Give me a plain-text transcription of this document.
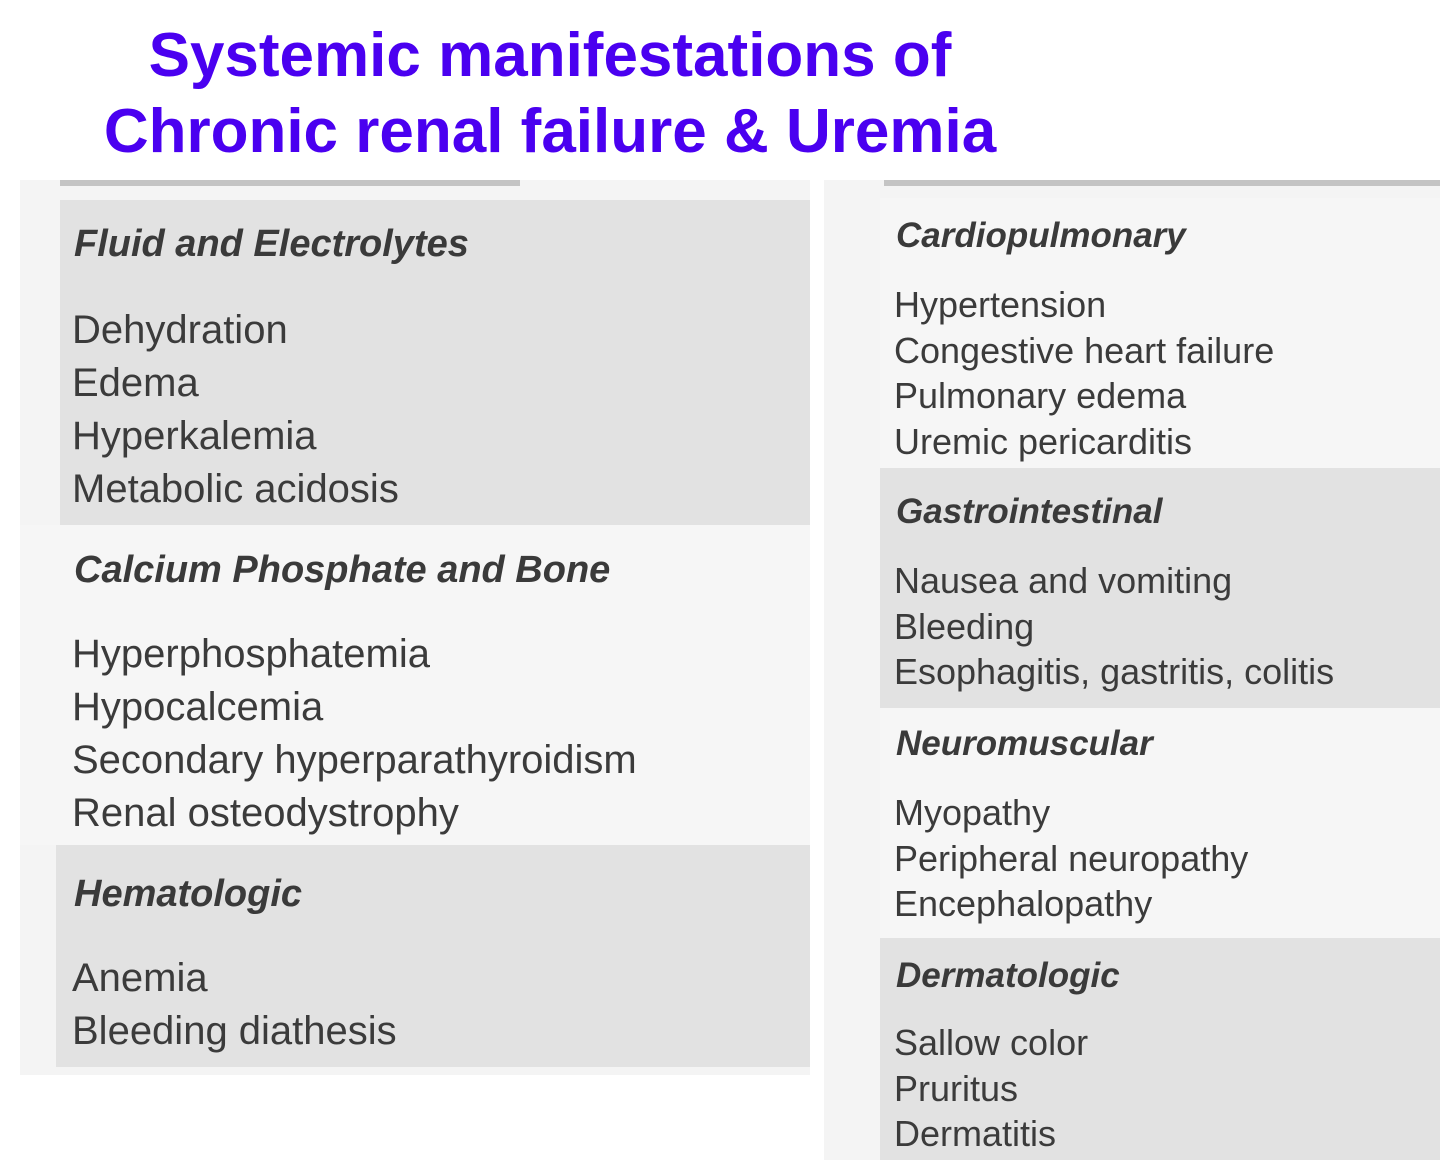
Systemic manifestations of
Chronic renal failure & Uremia
Fluid and Electrolytes
Dehydration
Edema
Hyperkalemia
Metabolic acidosis
Calcium Phosphate and Bone
Hyperphosphatemia
Hypocalcemia
Secondary hyperparathyroidism
Renal osteodystrophy
Hematologic
Anemia
Bleeding diathesis
Cardiopulmonary
Hypertension
Congestive heart failure
Pulmonary edema
Uremic pericarditis
Gastrointestinal
Nausea and vomiting
Bleeding
Esophagitis, gastritis, colitis
Neuromuscular
Myopathy
Peripheral neuropathy
Encephalopathy
Dermatologic
Sallow color
Pruritus
Dermatitis
